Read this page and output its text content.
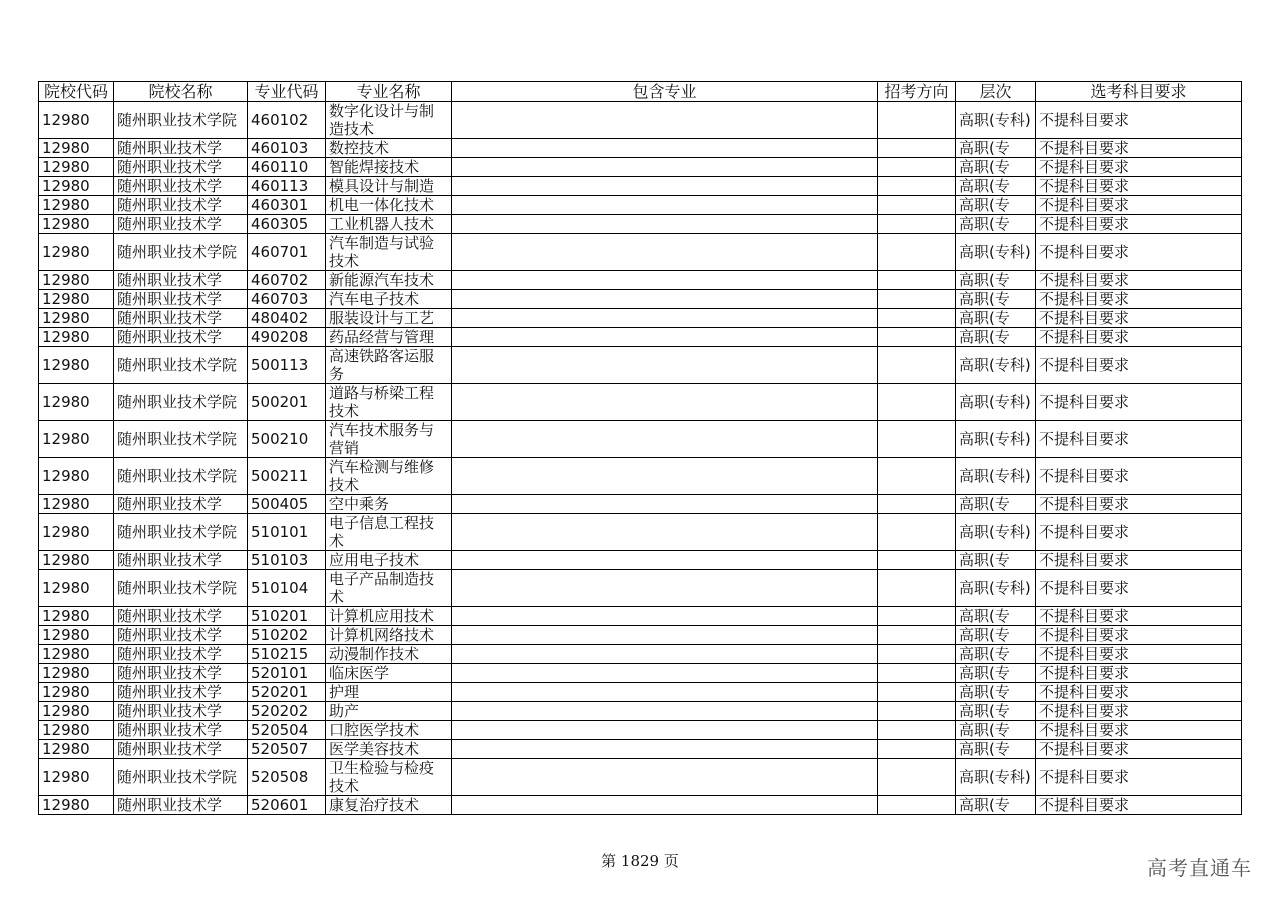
院校代码	院校名称	专业代码	专业名称	包含专业	招考方向	层次	选考科目要求
12980	随州职业技术学院	460102	数字化设计与制造技术			高职(专科)	不提科目要求
12980	随州职业技术学	460103	数控技术			高职(专	不提科目要求
12980	随州职业技术学	460110	智能焊接技术			高职(专	不提科目要求
12980	随州职业技术学	460113	模具设计与制造			高职(专	不提科目要求
12980	随州职业技术学	460301	机电一体化技术			高职(专	不提科目要求
12980	随州职业技术学	460305	工业机器人技术			高职(专	不提科目要求
12980	随州职业技术学院	460701	汽车制造与试验技术			高职(专科)	不提科目要求
12980	随州职业技术学	460702	新能源汽车技术			高职(专	不提科目要求
12980	随州职业技术学	460703	汽车电子技术			高职(专	不提科目要求
12980	随州职业技术学	480402	服装设计与工艺			高职(专	不提科目要求
12980	随州职业技术学	490208	药品经营与管理			高职(专	不提科目要求
12980	随州职业技术学院	500113	高速铁路客运服务			高职(专科)	不提科目要求
12980	随州职业技术学院	500201	道路与桥梁工程技术			高职(专科)	不提科目要求
12980	随州职业技术学院	500210	汽车技术服务与营销			高职(专科)	不提科目要求
12980	随州职业技术学院	500211	汽车检测与维修技术			高职(专科)	不提科目要求
12980	随州职业技术学	500405	空中乘务			高职(专	不提科目要求
12980	随州职业技术学院	510101	电子信息工程技术			高职(专科)	不提科目要求
12980	随州职业技术学	510103	应用电子技术			高职(专	不提科目要求
12980	随州职业技术学院	510104	电子产品制造技术			高职(专科)	不提科目要求
12980	随州职业技术学	510201	计算机应用技术			高职(专	不提科目要求
12980	随州职业技术学	510202	计算机网络技术			高职(专	不提科目要求
12980	随州职业技术学	510215	动漫制作技术			高职(专	不提科目要求
12980	随州职业技术学	520101	临床医学			高职(专	不提科目要求
12980	随州职业技术学	520201	护理			高职(专	不提科目要求
12980	随州职业技术学	520202	助产			高职(专	不提科目要求
12980	随州职业技术学	520504	口腔医学技术			高职(专	不提科目要求
12980	随州职业技术学	520507	医学美容技术			高职(专	不提科目要求
12980	随州职业技术学院	520508	卫生检验与检疫技术			高职(专科)	不提科目要求
12980	随州职业技术学	520601	康复治疗技术			高职(专	不提科目要求
第 1829 页	高考直通车
